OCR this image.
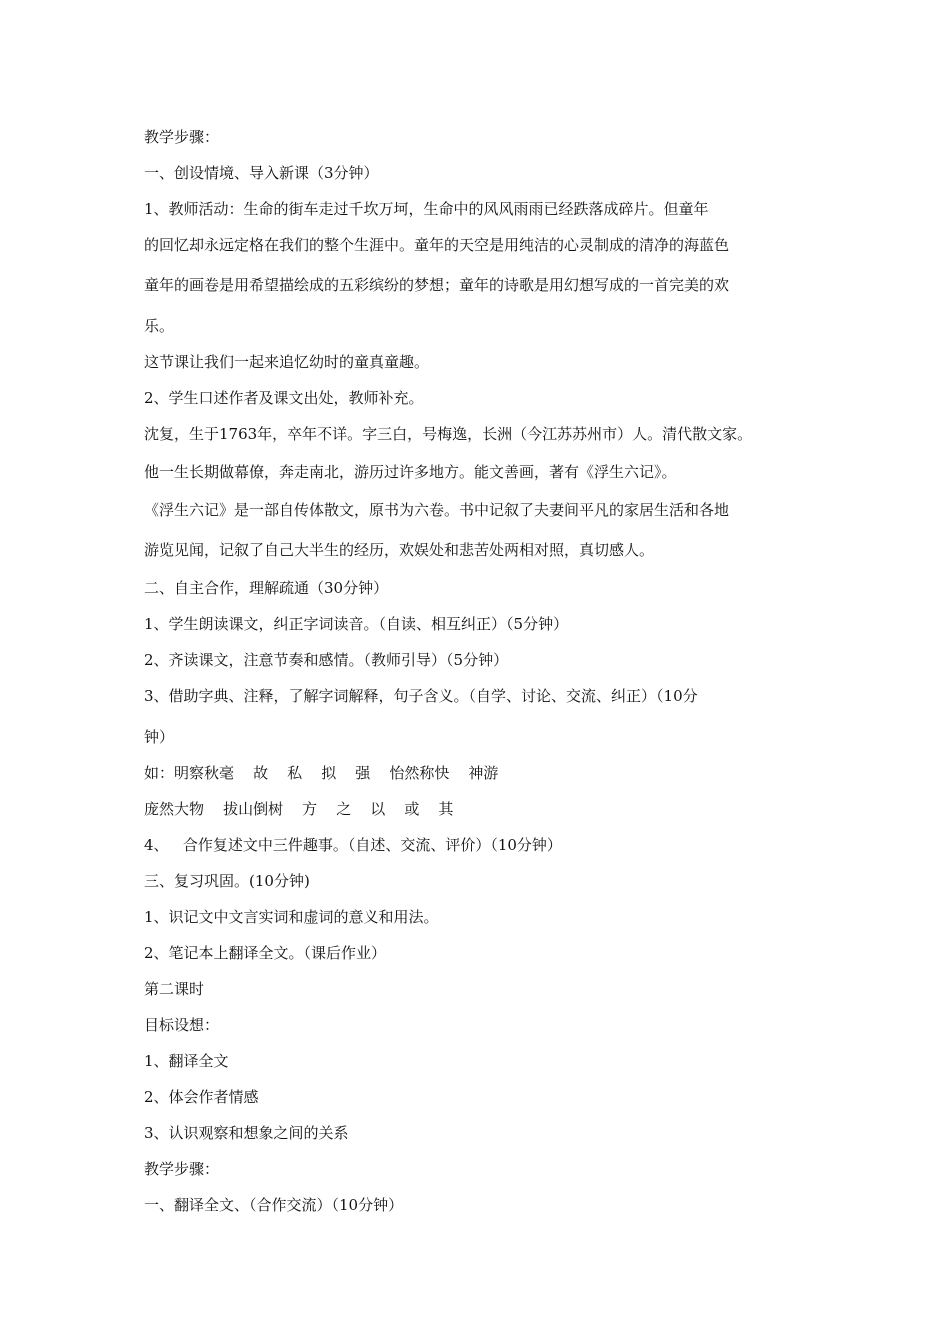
教学步骤：
一、创设情境、导入新课（3分钟）
1、教师活动：生命的街车走过千坎万坷，生命中的风风雨雨已经跌落成碎片。但童年
的回忆却永远定格在我们的整个生涯中。童年的天空是用纯洁的心灵制成的清净的海蓝色
童年的画卷是用希望描绘成的五彩缤纷的梦想；童年的诗歌是用幻想写成的一首完美的欢
乐。
这节课让我们一起来追忆幼时的童真童趣。
2、学生口述作者及课文出处，教师补充。
沈复，生于1763年，卒年不详。字三白，号梅逸，长洲（今江苏苏州市）人。清代散文家。
他一生长期做幕僚，奔走南北，游历过许多地方。能文善画，著有《浮生六记》。
《浮生六记》是一部自传体散文，原书为六卷。书中记叙了夫妻间平凡的家居生活和各地
游览见闻，记叙了自己大半生的经历，欢娱处和悲苦处两相对照，真切感人。
二、自主合作，理解疏通（30分钟）
1、学生朗读课文，纠正字词读音。（自读、相互纠正）（5分钟）
2、齐读课文，注意节奏和感情。（教师引导）（5分钟）
3、借助字典、注释，了解字词解释，句子含义。（自学、讨论、交流、纠正）（10分
钟）
如：明察秋毫    故    私    拟    强    怡然称快    神游
庞然大物    拔山倒树    方    之    以    或    其
4、   合作复述文中三件趣事。（自述、交流、评价）（10分钟）
三、复习巩固。(10分钟)
1、识记文中文言实词和虚词的意义和用法。
2、笔记本上翻译全文。（课后作业）
第二课时
目标设想：
1、翻译全文
2、体会作者情感
3、认识观察和想象之间的关系
教学步骤：
一、翻译全文、（合作交流）（10分钟）
